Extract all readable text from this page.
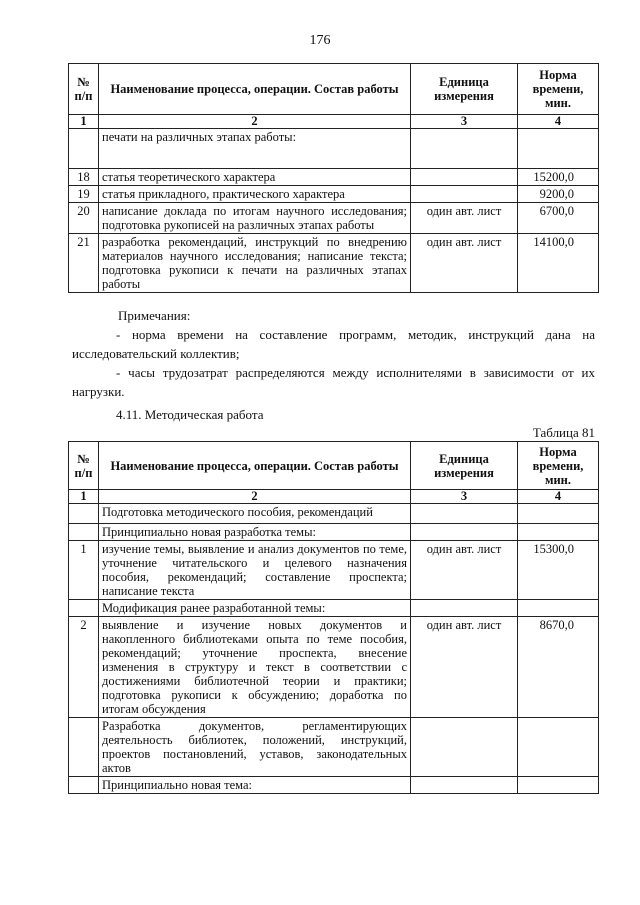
176
№ п/п	Наименование процесса, операции. Состав работы	Единица измерения	Норма времени, мин.
1	2	3	4
	печати на различных этапах работы:		
18	статья теоретического характера		15200,0
19	статья прикладного, практического характера		9200,0
20	написание доклада по итогам научного исследования; подготовка рукописей на различных этапах работы	один авт. лист	6700,0
21	разработка рекомендаций, инструкций по внедрению материалов научного исследования; написание текста; подготовка рукописи к печати на различных этапах работы	один авт. лист	14100,0

Примечания:

- норма времени на составление программ, методик, инструкций дана на исследовательский коллектив;

- часы трудозатрат распределяются между исполнителями в зависимости от их нагрузки.

4.11. Методическая работа
Таблица 81
№ п/п	Наименование процесса, операции. Состав работы	Единица измерения	Норма времени, мин.
1	2	3	4
	Подготовка методического пособия, рекомендаций		
	Принципиально новая разработка темы:		
1	изучение темы, выявление и анализ документов по теме, уточнение читательского и целевого назначения пособия, рекомендаций; составление проспекта; написание текста	один авт. лист	15300,0
	Модификация ранее разработанной темы:		
2	выявление и изучение новых документов и накопленного библиотеками опыта по теме пособия, рекомендаций; уточнение проспекта, внесение изменения в структуру и текст в соответствии с достижениями библиотечной теории и практики; подготовка рукописи к обсуждению; доработка по итогам обсуждения	один авт. лист	8670,0
	Разработка документов, регламентирующих деятельность библиотек, положений, инструкций, проектов постановлений, уставов, законодательных актов		
	Принципиально новая тема:		
